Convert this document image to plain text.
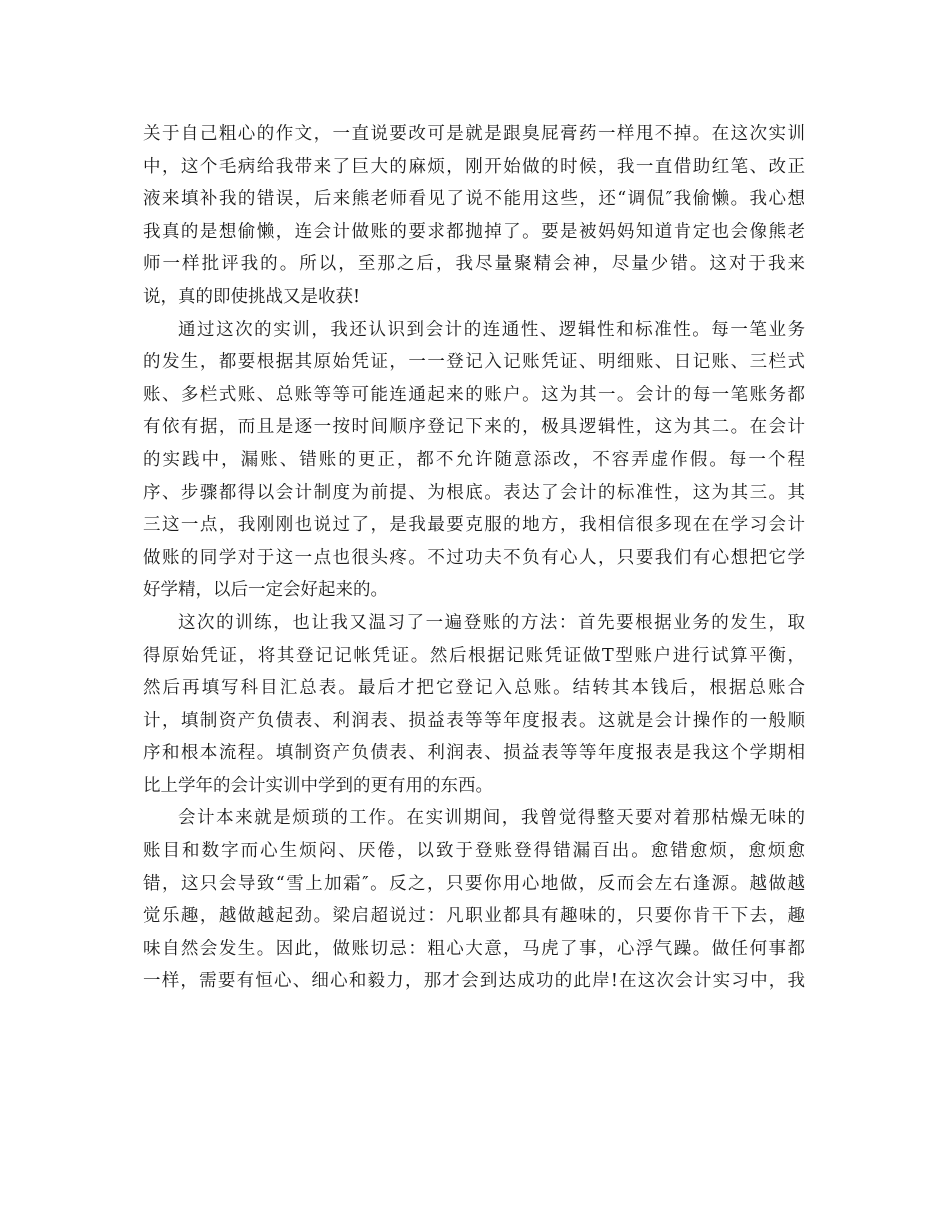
关于自己粗心的作文，一直说要改可是就是跟臭屁膏药一样甩不掉。在这次实训
中，这个毛病给我带来了巨大的麻烦，刚开始做的时候，我一直借助红笔、改正
液来填补我的错误，后来熊老师看见了说不能用这些，还“调侃″我偷懒。我心想
我真的是想偷懒，连会计做账的要求都抛掉了。要是被妈妈知道肯定也会像熊老
师一样批评我的。所以，至那之后，我尽量聚精会神，尽量少错。这对于我来
说，真的即使挑战又是收获!
通过这次的实训，我还认识到会计的连通性、逻辑性和标准性。每一笔业务
的发生，都要根据其原始凭证，一一登记入记账凭证、明细账、日记账、三栏式
账、多栏式账、总账等等可能连通起来的账户。这为其一。会计的每一笔账务都
有依有据，而且是逐一按时间顺序登记下来的，极具逻辑性，这为其二。在会计
的实践中，漏账、错账的更正，都不允许随意添改，不容弄虚作假。每一个程
序、步骤都得以会计制度为前提、为根底。表达了会计的标准性，这为其三。其
三这一点，我刚刚也说过了，是我最要克服的地方，我相信很多现在在学习会计
做账的同学对于这一点也很头疼。不过功夫不负有心人，只要我们有心想把它学
好学精，以后一定会好起来的。
这次的训练，也让我又温习了一遍登账的方法：首先要根据业务的发生，取
得原始凭证，将其登记记帐凭证。然后根据记账凭证做T型账户进行试算平衡，
然后再填写科目汇总表。最后才把它登记入总账。结转其本钱后，根据总账合
计，填制资产负债表、利润表、损益表等等年度报表。这就是会计操作的一般顺
序和根本流程。填制资产负债表、利润表、损益表等等年度报表是我这个学期相
比上学年的会计实训中学到的更有用的东西。
会计本来就是烦琐的工作。在实训期间，我曾觉得整天要对着那枯燥无味的
账目和数字而心生烦闷、厌倦，以致于登账登得错漏百出。愈错愈烦，愈烦愈
错，这只会导致“雪上加霜″。反之，只要你用心地做，反而会左右逢源。越做越
觉乐趣，越做越起劲。梁启超说过：凡职业都具有趣味的，只要你肯干下去，趣
味自然会发生。因此，做账切忌：粗心大意，马虎了事，心浮气躁。做任何事都
一样，需要有恒心、细心和毅力，那才会到达成功的此岸!在这次会计实习中，我
